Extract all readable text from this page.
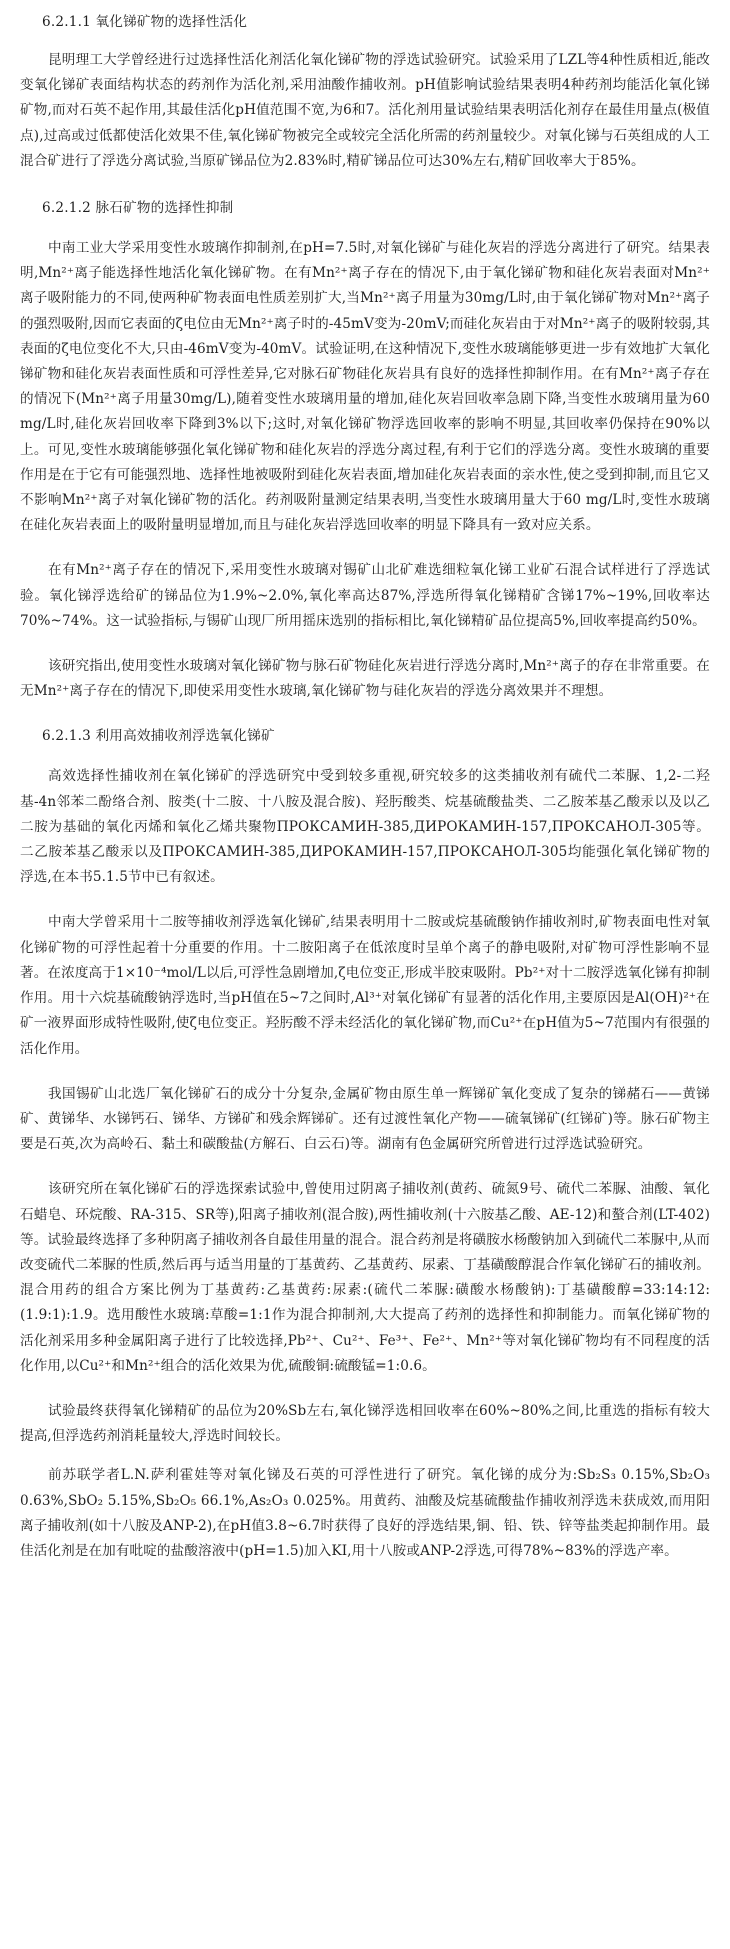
6.2.1.1 氧化锑矿物的选择性活化

昆明理工大学曾经进行过选择性活化剂活化氧化锑矿物的浮选试验研究。试验采用了LZL等4种性质相近,能改变氧化锑矿表面结构状态的药剂作为活化剂,采用油酸作捕收剂。pH值影响试验结果表明4种药剂均能活化氧化锑矿物,而对石英不起作用,其最佳活化pH值范围不宽,为6和7。活化剂用量试验结果表明活化剂存在最佳用量点(极值点),过高或过低都使活化效果不佳,氧化锑矿物被完全或较完全活化所需的药剂量较少。对氧化锑与石英组成的人工混合矿进行了浮选分离试验,当原矿锑品位为2.83%时,精矿锑品位可达30%左右,精矿回收率大于85%。

6.2.1.2 脉石矿物的选择性抑制

中南工业大学采用变性水玻璃作抑制剂,在pH=7.5时,对氧化锑矿与硅化灰岩的浮选分离进行了研究。结果表明,Mn²⁺离子能选择性地活化氧化锑矿物。在有Mn²⁺离子存在的情况下,由于氧化锑矿物和硅化灰岩表面对Mn²⁺离子吸附能力的不同,使两种矿物表面电性质差别扩大,当Mn²⁺离子用量为30mg/L时,由于氧化锑矿物对Mn²⁺离子的强烈吸附,因而它表面的ζ电位由无Mn²⁺离子时的-45mV变为-20mV;而硅化灰岩由于对Mn²⁺离子的吸附较弱,其表面的ζ电位变化不大,只由-46mV变为-40mV。试验证明,在这种情况下,变性水玻璃能够更进一步有效地扩大氧化锑矿物和硅化灰岩表面性质和可浮性差异,它对脉石矿物硅化灰岩具有良好的选择性抑制作用。在有Mn²⁺离子存在的情况下(Mn²⁺离子用量30mg/L),随着变性水玻璃用量的增加,硅化灰岩回收率急剧下降,当变性水玻璃用量为60 mg/L时,硅化灰岩回收率下降到3%以下;这时,对氧化锑矿物浮选回收率的影响不明显,其回收率仍保持在90%以上。可见,变性水玻璃能够强化氧化锑矿物和硅化灰岩的浮选分离过程,有利于它们的浮选分离。变性水玻璃的重要作用是在于它有可能强烈地、选择性地被吸附到硅化灰岩表面,增加硅化灰岩表面的亲水性,使之受到抑制,而且它又不影响Mn²⁺离子对氧化锑矿物的活化。药剂吸附量测定结果表明,当变性水玻璃用量大于60 mg/L时,变性水玻璃在硅化灰岩表面上的吸附量明显增加,而且与硅化灰岩浮选回收率的明显下降具有一致对应关系。

在有Mn²⁺离子存在的情况下,采用变性水玻璃对锡矿山北矿难选细粒氧化锑工业矿石混合试样进行了浮选试验。氧化锑浮选给矿的锑品位为1.9%~2.0%,氧化率高达87%,浮选所得氧化锑精矿含锑17%~19%,回收率达70%~74%。这一试验指标,与锡矿山现厂所用摇床选别的指标相比,氧化锑精矿品位提高5%,回收率提高约50%。

该研究指出,使用变性水玻璃对氧化锑矿物与脉石矿物硅化灰岩进行浮选分离时,Mn²⁺离子的存在非常重要。在无Mn²⁺离子存在的情况下,即使采用变性水玻璃,氧化锑矿物与硅化灰岩的浮选分离效果并不理想。

6.2.1.3 利用高效捕收剂浮选氧化锑矿

高效选择性捕收剂在氧化锑矿的浮选研究中受到较多重视,研究较多的这类捕收剂有硫代二苯脲、1,2-二羟基-4n邻苯二酚络合剂、胺类(十二胺、十八胺及混合胺)、羟肟酸类、烷基硫酸盐类、二乙胺苯基乙酸汞以及以乙二胺为基础的氧化丙烯和氧化乙烯共聚物ПРОКСАМИН-385,ДИРОКАМИН-157,ПРОКСАНОЛ-305等。二乙胺苯基乙酸汞以及ПРОКСАМИН-385,ДИРОКАМИН-157,ПРОКСАНОЛ-305均能强化氧化锑矿物的浮选,在本书5.1.5节中已有叙述。

中南大学曾采用十二胺等捕收剂浮选氧化锑矿,结果表明用十二胺或烷基硫酸钠作捕收剂时,矿物表面电性对氧化锑矿物的可浮性起着十分重要的作用。十二胺阳离子在低浓度时呈单个离子的静电吸附,对矿物可浮性影响不显著。在浓度高于1×10⁻⁴mol/L以后,可浮性急剧增加,ζ电位变正,形成半胶束吸附。Pb²⁺对十二胺浮选氧化锑有抑制作用。用十六烷基硫酸钠浮选时,当pH值在5~7之间时,Al³⁺对氧化锑矿有显著的活化作用,主要原因是Al(OH)²⁺在矿一液界面形成特性吸附,使ζ电位变正。羟肟酸不浮未经活化的氧化锑矿物,而Cu²⁺在pH值为5~7范围内有很强的活化作用。

我国锡矿山北选厂氧化锑矿石的成分十分复杂,金属矿物由原生单一辉锑矿氧化变成了复杂的锑赭石——黄锑矿、黄锑华、水锑钙石、锑华、方锑矿和残余辉锑矿。还有过渡性氧化产物——硫氧锑矿(红锑矿)等。脉石矿物主要是石英,次为高岭石、黏土和碳酸盐(方解石、白云石)等。湖南有色金属研究所曾进行过浮选试验研究。

该研究所在氧化锑矿石的浮选探索试验中,曾使用过阴离子捕收剂(黄药、硫氮9号、硫代二苯脲、油酸、氧化石蜡皂、环烷酸、RA-315、SR等),阳离子捕收剂(混合胺),两性捕收剂(十六胺基乙酸、AE-12)和螯合剂(LT-402)等。试验最终选择了多种阴离子捕收剂各自最佳用量的混合。混合药剂是将磺胺水杨酸钠加入到硫代二苯脲中,从而改变硫代二苯脲的性质,然后再与适当用量的丁基黄药、乙基黄药、尿素、丁基磺酸醇混合作氧化锑矿石的捕收剂。混合用药的组合方案比例为丁基黄药:乙基黄药:尿素:(硫代二苯脲:磺酸水杨酸钠):丁基磺酸醇=33:14:12:(1.9:1):1.9。选用酸性水玻璃:草酸=1:1作为混合抑制剂,大大提高了药剂的选择性和抑制能力。而氧化锑矿物的活化剂采用多种金属阳离子进行了比较选择,Pb²⁺、Cu²⁺、Fe³⁺、Fe²⁺、Mn²⁺等对氧化锑矿物均有不同程度的活化作用,以Cu²⁺和Mn²⁺组合的活化效果为优,硫酸铜:硫酸锰=1:0.6。

试验最终获得氧化锑精矿的品位为20%Sb左右,氧化锑浮选相回收率在60%~80%之间,比重选的指标有较大提高,但浮选药剂消耗量较大,浮选时间较长。

前苏联学者L.N.萨利霍娃等对氧化锑及石英的可浮性进行了研究。氧化锑的成分为:Sb₂S₃ 0.15%,Sb₂O₃ 0.63%,SbO₂ 5.15%,Sb₂O₅ 66.1%,As₂O₃ 0.025%。用黄药、油酸及烷基硫酸盐作捕收剂浮选未获成效,而用阳离子捕收剂(如十八胺及ANP-2),在pH值3.8~6.7时获得了良好的浮选结果,铜、铅、铁、锌等盐类起抑制作用。最佳活化剂是在加有吡啶的盐酸溶液中(pH=1.5)加入KI,用十八胺或ANP-2浮选,可得78%~83%的浮选产率。
